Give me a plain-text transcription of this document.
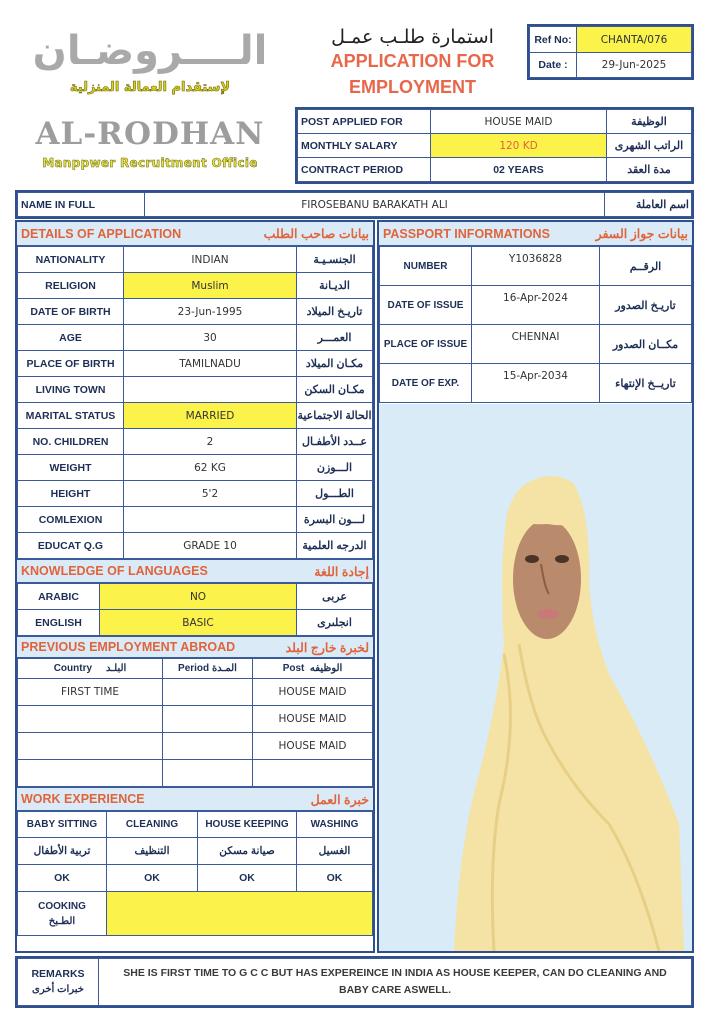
الــــروضـان
لإستقدام العمالة المنزلية
AL-RODHAN
Manppwer Recruitment Officie
استمارة طلـب عمـل
APPLICATION FOR
EMPLOYMENT
Ref No:	CHANTA/076
Date :	29-Jun-2025
POST APPLIED FOR	HOUSE MAID	الوظيفة
MONTHLY SALARY	120 KD	الراتب الشهرى
CONTRACT PERIOD	02 YEARS	مدة العقد
NAME IN FULL	FIROSEBANU BARAKATH ALI	اسم العاملة
DETAILS OF APPLICATION	بيانات صاحب الطلب
NATIONALITY	INDIAN	الجنسـيـة
RELIGION	Muslim	الديـانة
DATE OF BIRTH	23-Jun-1995	تاريـخ الميلاد
AGE	30	العمـــر
PLACE OF BIRTH	TAMILNADU	مكـان الميلاد
LIVING TOWN		مكـان السكن
MARITAL STATUS	MARRIED	الحالة الاجتماعية
NO. CHILDREN	2	عــدد الأطفـال
WEIGHT	62 KG	الـــوزن
HEIGHT	5'2	الطـــول
COMLEXION		لـــون البسرة
EDUCAT Q.G	GRADE 10	الدرجه العلمية
KNOWLEDGE OF LANGUAGES	إجادة اللغة
ARABIC	NO	عربى
ENGLISH	BASIC	انجلىرى
PREVIOUS EMPLOYMENT ABROAD	لخبرة خارج البلد
Country البلـد	Period المـدة	Post الوظيفه
FIRST TIME		HOUSE MAID
		HOUSE MAID
		HOUSE MAID

WORK EXPERIENCE	خبرة العمل
BABY SITTING	CLEANING	HOUSE KEEPING	WASHING
تربية الأطفال	التنظيف	صيانة مسكن	الغسيل
OK	OK	OK	OK

COOKING
الطـبخ			

PASSPORT INFORMATIONS	بيانات جواز السفر
NUMBER	Y1036828	الرقــم
DATE OF ISSUE	16-Apr-2024	تاريـخ الصدور
PLACE OF ISSUE	CHENNAI	مكــان الصدور
DATE OF EXP.	15-Apr-2034	تاريــخ الإنتهاء
REMARKS
خبرات أخرى
	SHE IS FIRST TIME TO G C C BUT HAS EXPEREINCE IN INDIA AS HOUSE KEEPER, CAN DO CLEANING AND BABY CARE ASWELL.
